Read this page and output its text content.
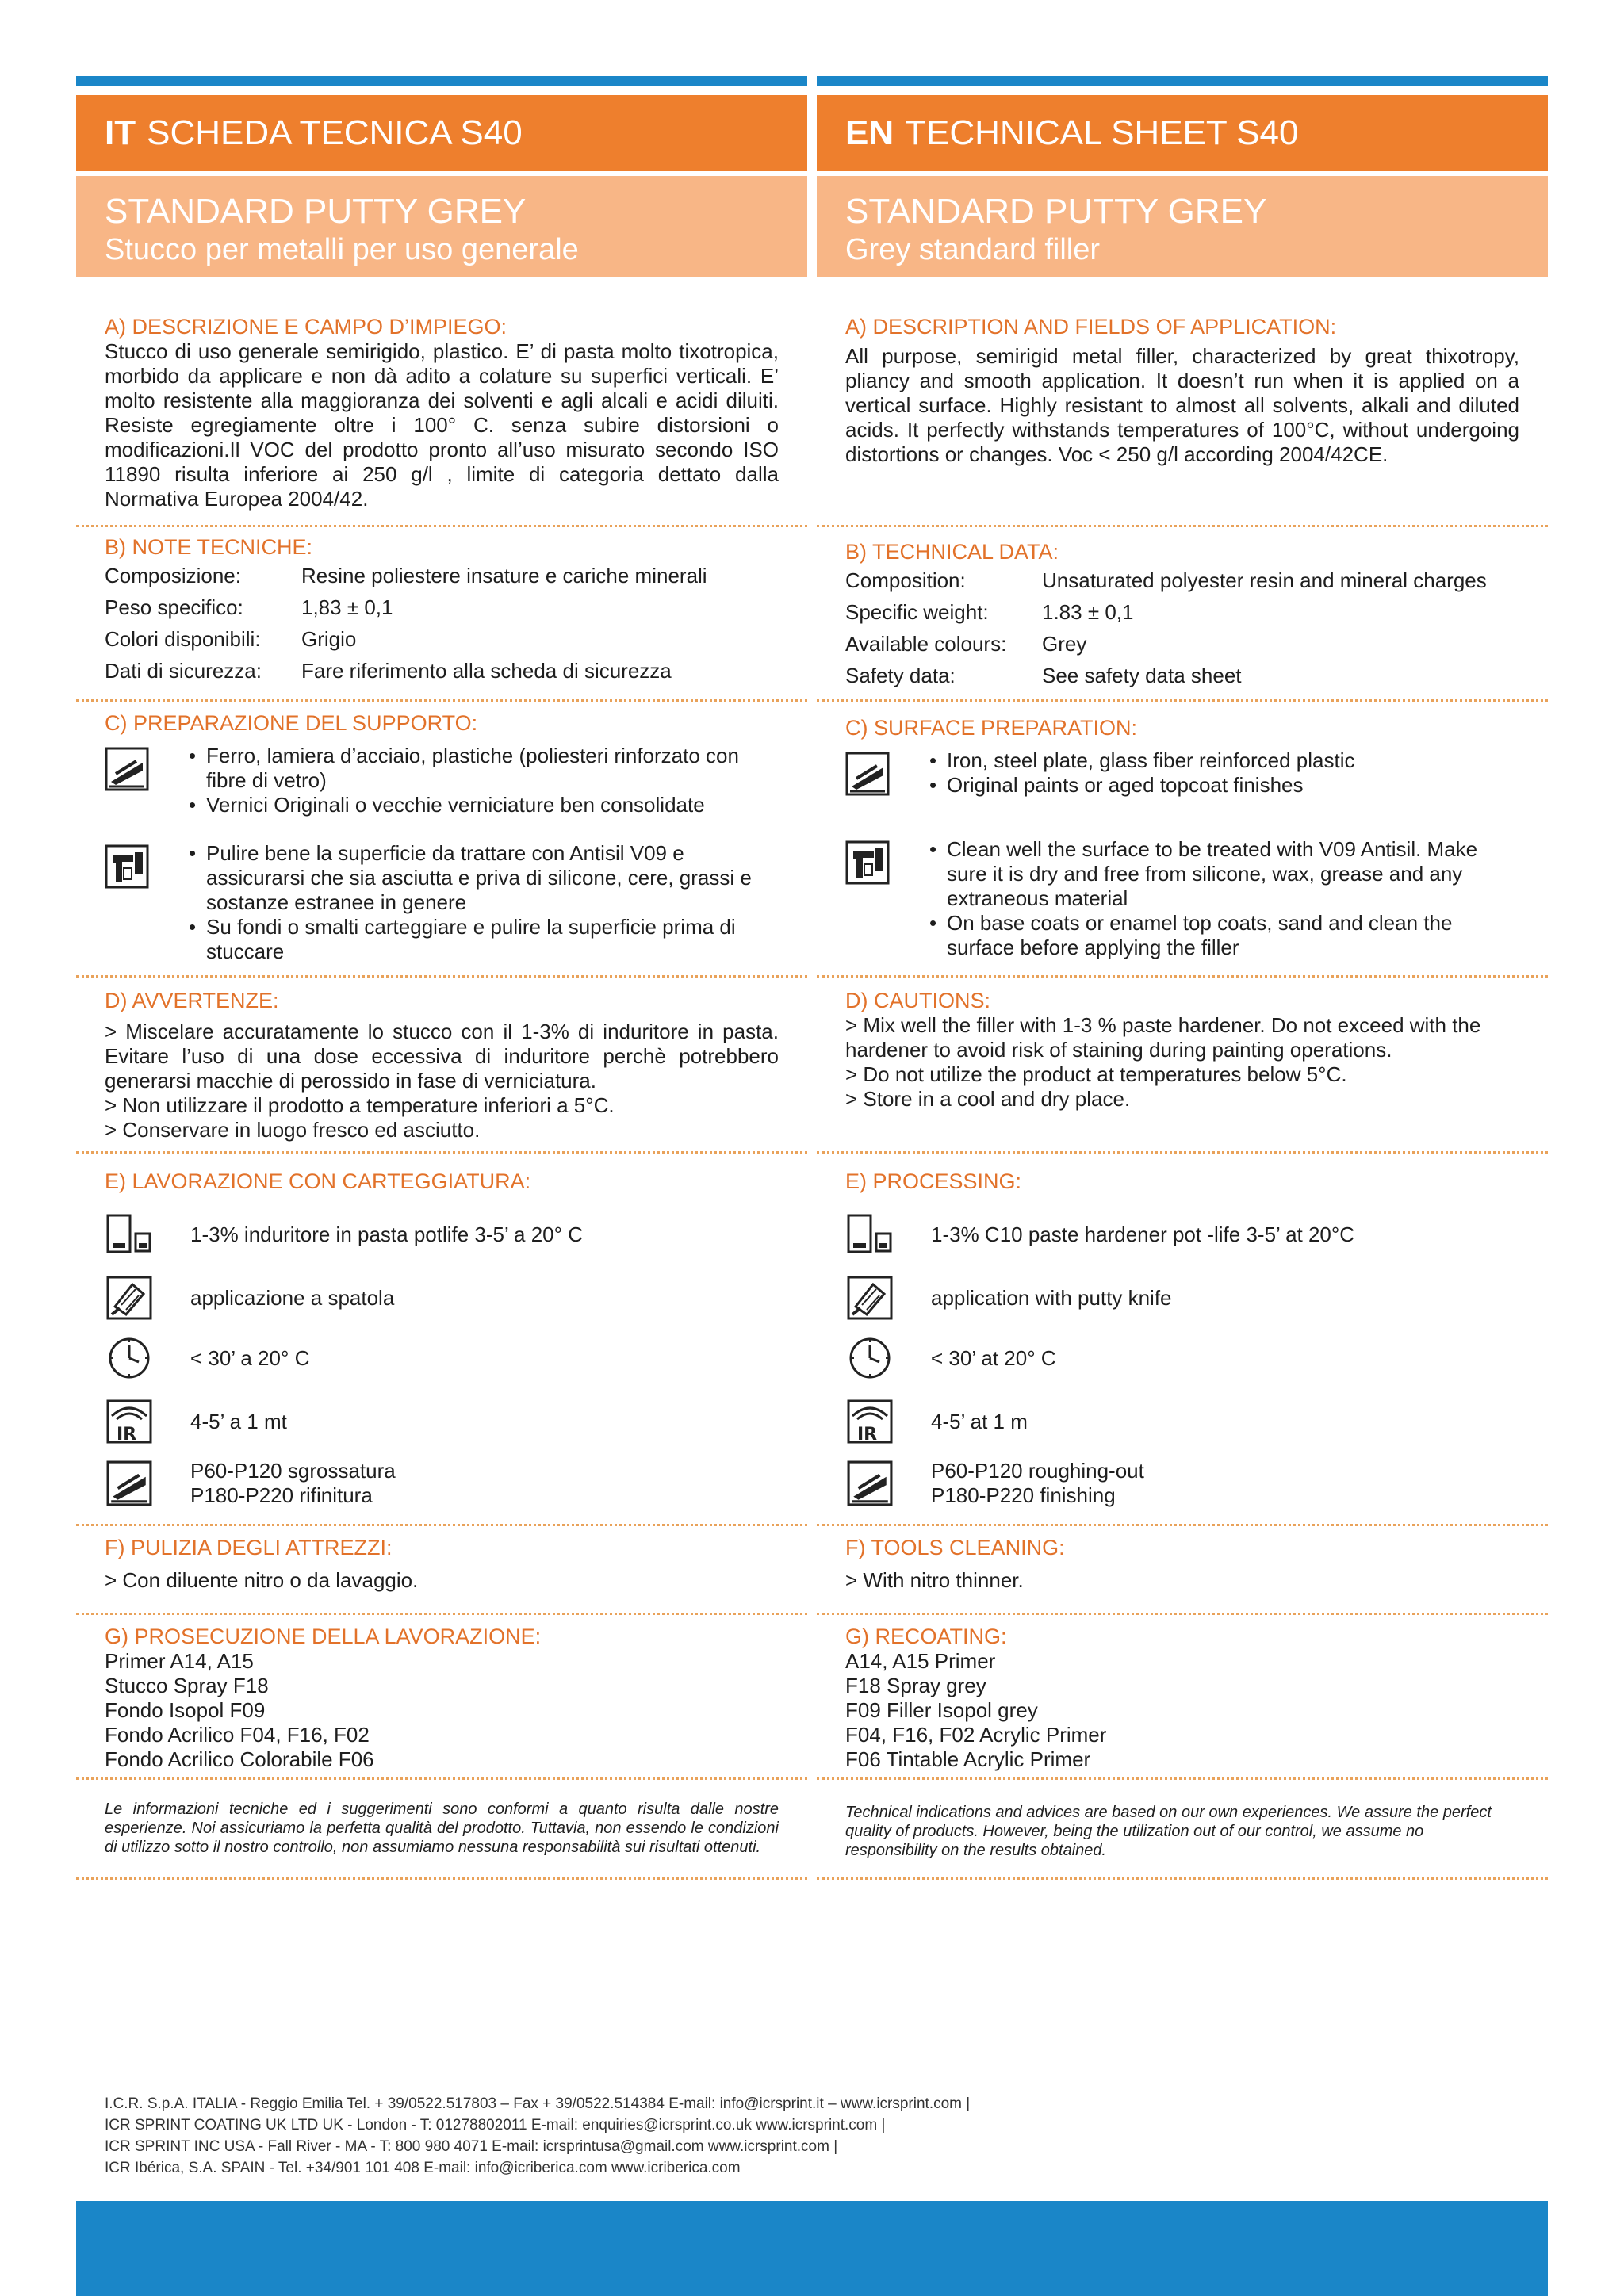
IT SCHEDA TECNICA S40
STANDARD PUTTY GREY
Stucco per metalli per uso generale
A) DESCRIZIONE E CAMPO D’IMPIEGO:
Stucco di uso generale semirigido, plastico. E’ di pasta molto tixotropica, morbido da applicare e non dà adito a colature su superfici verticali. E’ molto resistente alla maggioranza dei solventi e agli alcali e acidi diluiti. Resiste egregiamente oltre i 100° C. senza subire distorsioni o modificazioni.Il VOC del prodotto pronto all’uso misurato secondo ISO 11890 risulta inferiore ai 250 g/l , limite di categoria dettato dalla Normativa Europea 2004/42.
B) NOTE TECNICHE:
Composizione:	Resine poliestere insature e cariche minerali
Peso specifico:	1,83 ± 0,1
Colori disponibili:	Grigio
Dati di sicurezza:	Fare riferimento alla scheda di sicurezza
C) PREPARAZIONE DEL SUPPORTO:
• Ferro, lamiera d’acciaio, plastiche (poliesteri rinforzato con fibre di vetro)
• Vernici Originali o vecchie verniciature ben consolidate
• Pulire bene la superficie da trattare con Antisil V09 e assicurarsi che sia asciutta e priva di silicone, cere, grassi e sostanze estranee in genere
• Su fondi o smalti carteggiare e pulire la superficie prima di stuccare
D) AVVERTENZE:
> Miscelare accuratamente lo stucco con il 1-3% di induritore in pasta. Evitare l’uso di una dose eccessiva di induritore perchè potrebbero generarsi macchie di perossido in fase di verniciatura.
> Non utilizzare il prodotto a temperature inferiori a 5°C.
> Conservare in luogo fresco ed asciutto.
E) LAVORAZIONE CON CARTEGGIATURA:
1-3% induritore in pasta potlife 3-5’ a 20° C
applicazione a spatola
< 30’ a 20° C
4-5’ a 1 mt
P60-P120 sgrossatura
P180-P220 rifinitura
F) PULIZIA DEGLI ATTREZZI:
> Con diluente nitro o da lavaggio.
G) PROSECUZIONE DELLA LAVORAZIONE:
Primer A14, A15
Stucco Spray F18
Fondo Isopol F09
Fondo Acrilico F04, F16, F02
Fondo Acrilico Colorabile F06
Le informazioni tecniche ed i suggerimenti sono conformi a quanto risulta dalle nostre esperienze. Noi assicuriamo la perfetta qualità del prodotto. Tuttavia, non essendo le condizioni di utilizzo sotto il nostro controllo, non assumiamo nessuna responsabilità sui risultati ottenuti.
EN TECHNICAL SHEET S40
STANDARD PUTTY GREY
Grey standard filler
A) DESCRIPTION AND FIELDS OF APPLICATION:
All purpose, semirigid metal filler, characterized by great thixotropy, pliancy and smooth application. It doesn’t run when it is applied on a vertical surface. Highly resistant to almost all solvents, alkali and diluted acids. It perfectly withstands temperatures of 100°C, without undergoing distortions or changes. Voc < 250 g/l according 2004/42CE.
B) TECHNICAL DATA:
Composition:	Unsaturated polyester resin and mineral charges
Specific weight:	1.83 ± 0,1
Available colours:	Grey
Safety data:	See safety data sheet
C) SURFACE PREPARATION:
• Iron, steel plate, glass fiber reinforced plastic
• Original paints or aged topcoat finishes
• Clean well the surface to be treated with V09 Antisil. Make sure it is dry and free from silicone, wax, grease and any extraneous material
• On base coats or enamel top coats, sand and clean the surface before applying the filler
D) CAUTIONS:
> Mix well the filler with 1-3 % paste hardener. Do not exceed with the hardener to avoid risk of staining during painting operations.
> Do not utilize the product at temperatures below 5°C.
> Store in a cool and dry place.
E) PROCESSING:
1-3% C10 paste hardener pot -life 3-5’ at 20°C
application with putty knife
< 30’ at 20° C
4-5’ at 1 m
P60-P120 roughing-out
P180-P220 finishing
F) TOOLS CLEANING:
> With nitro thinner.
G) RECOATING:
A14, A15 Primer
F18 Spray grey
F09 Filler Isopol grey
F04, F16, F02 Acrylic Primer
F06 Tintable Acrylic Primer
Technical indications and advices are based on our own experiences. We assure the perfect quality of products. However, being the utilization out of our control, we assume no responsibility on the results obtained.
I.C.R. S.p.A. ITALIA - Reggio Emilia Tel. + 39/0522.517803 – Fax + 39/0522.514384 E-mail: info@icrsprint.it – www.icrsprint.com |
ICR SPRINT COATING UK LTD UK - London - T: 01278802011 E-mail: enquiries@icrsprint.co.uk www.icrsprint.com |
ICR SPRINT INC USA - Fall River - MA - T: 800 980 4071 E-mail: icrsprintusa@gmail.com www.icrsprint.com |
ICR Ibérica, S.A. SPAIN - Tel. +34/901 101 408 E-mail: info@icriberica.com www.icriberica.com
